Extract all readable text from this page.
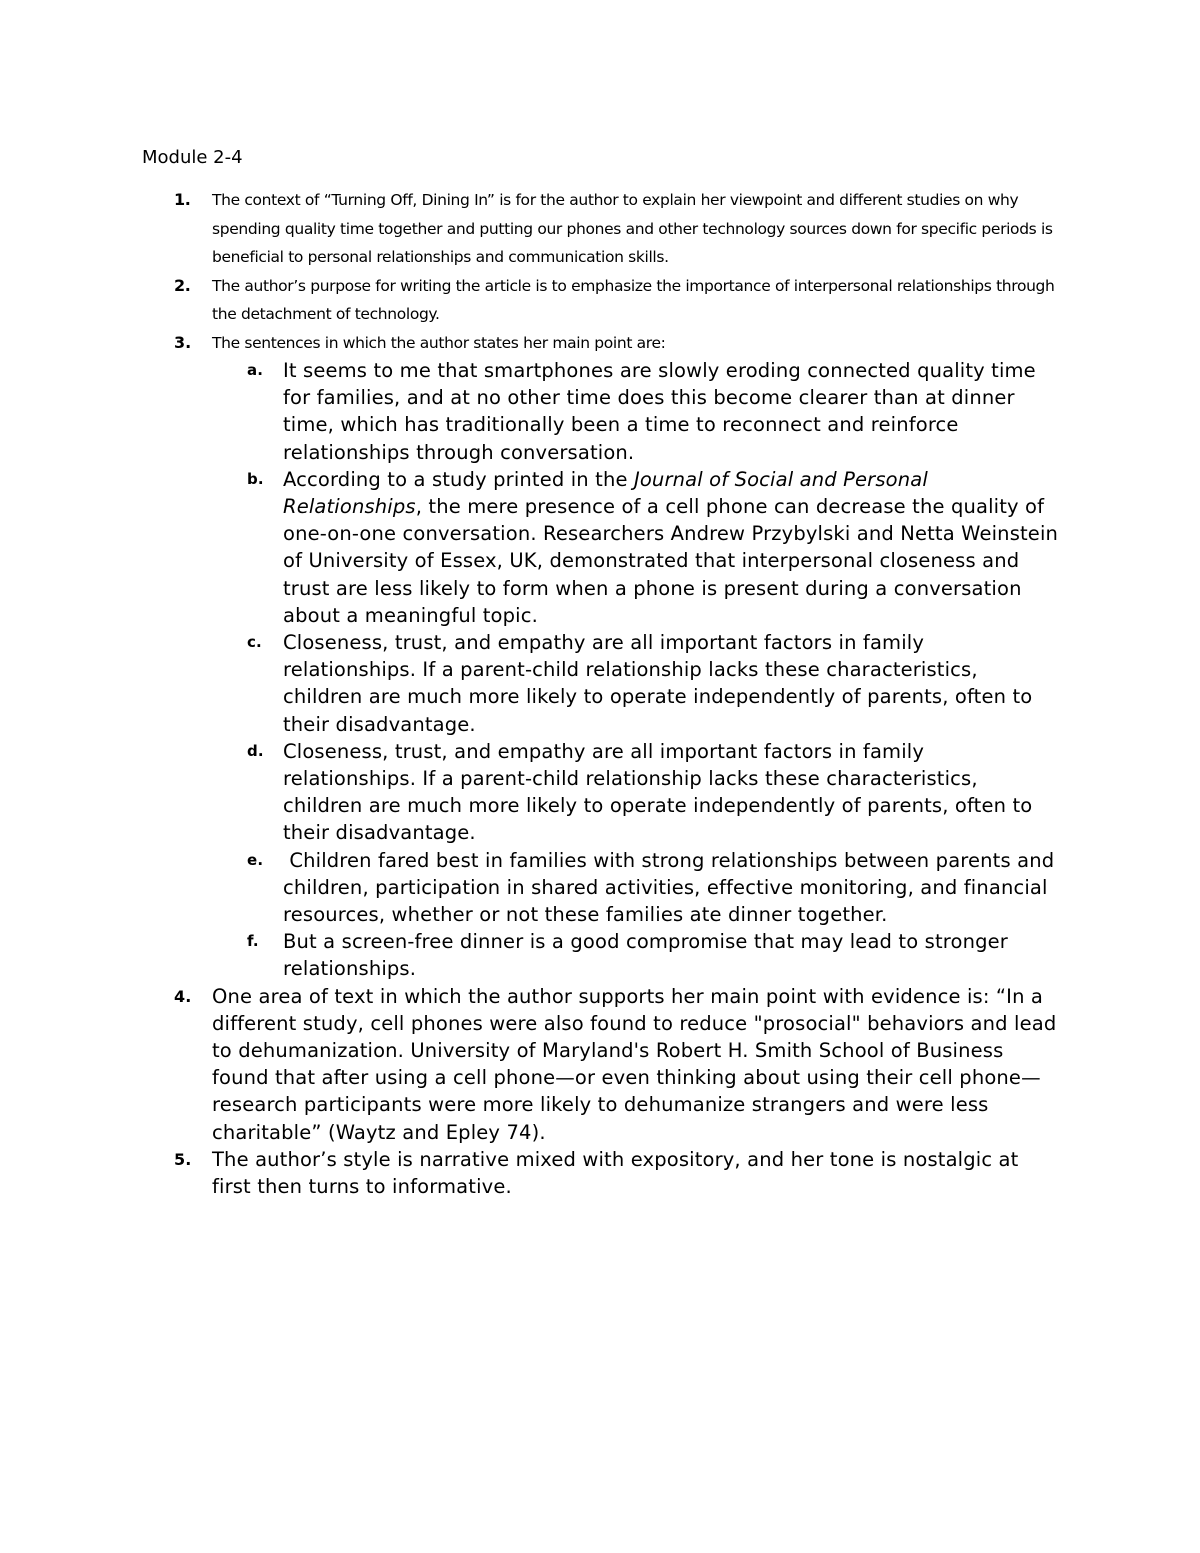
Module 2-4
1. The context of “Turning Off, Dining In” is for the author to explain her viewpoint and different studies on why spending quality time together and putting our phones and other technology sources down for specific periods is beneficial to personal relationships and communication skills.
2. The author’s purpose for writing the article is to emphasize the importance of interpersonal relationships through the detachment of technology.
3. The sentences in which the author states her main point are:
a. It seems to me that smartphones are slowly eroding connected quality time for families, and at no other time does this become clearer than at dinner time, which has traditionally been a time to reconnect and reinforce relationships through conversation.
b. According to a study printed in the Journal of Social and Personal Relationships, the mere presence of a cell phone can decrease the quality of one-on-one conversation. Researchers Andrew Przybylski and Netta Weinstein of University of Essex, UK, demonstrated that interpersonal closeness and trust are less likely to form when a phone is present during a conversation about a meaningful topic.
c. Closeness, trust, and empathy are all important factors in family relationships. If a parent-child relationship lacks these characteristics, children are much more likely to operate independently of parents, often to their disadvantage.
d. Closeness, trust, and empathy are all important factors in family relationships. If a parent-child relationship lacks these characteristics, children are much more likely to operate independently of parents, often to their disadvantage.
e. Children fared best in families with strong relationships between parents and children, participation in shared activities, effective monitoring, and financial resources, whether or not these families ate dinner together.
f. But a screen-free dinner is a good compromise that may lead to stronger relationships.
4. One area of text in which the author supports her main point with evidence is: “In a different study, cell phones were also found to reduce "prosocial" behaviors and lead to dehumanization. University of Maryland's Robert H. Smith School of Business found that after using a cell phone—or even thinking about using their cell phone—research participants were more likely to dehumanize strangers and were less charitable” (Waytz and Epley 74).
5. The author’s style is narrative mixed with expository, and her tone is nostalgic at first then turns to informative.
